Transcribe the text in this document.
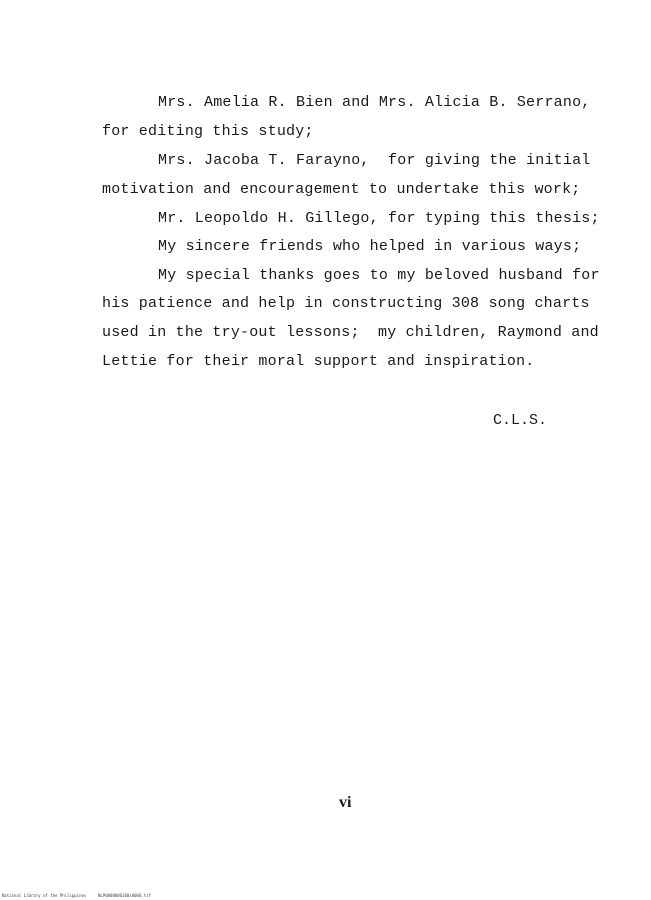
Mrs. Amelia R. Bien and Mrs. Alicia B. Serrano,
for editing this study;
Mrs. Jacoba T. Farayno,  for giving the initial
motivation and encouragement to undertake this work;
Mr. Leopoldo H. Gillego, for typing this thesis;
My sincere friends who helped in various ways;
My special thanks goes to my beloved husband for
his patience and help in constructing 308 song charts
used in the try-out lessons;  my children, Raymond and
Lettie for their moral support and inspiration.
C.L.S.
vi
National Library of the Philippines	NLP0000000100x0000.tif
